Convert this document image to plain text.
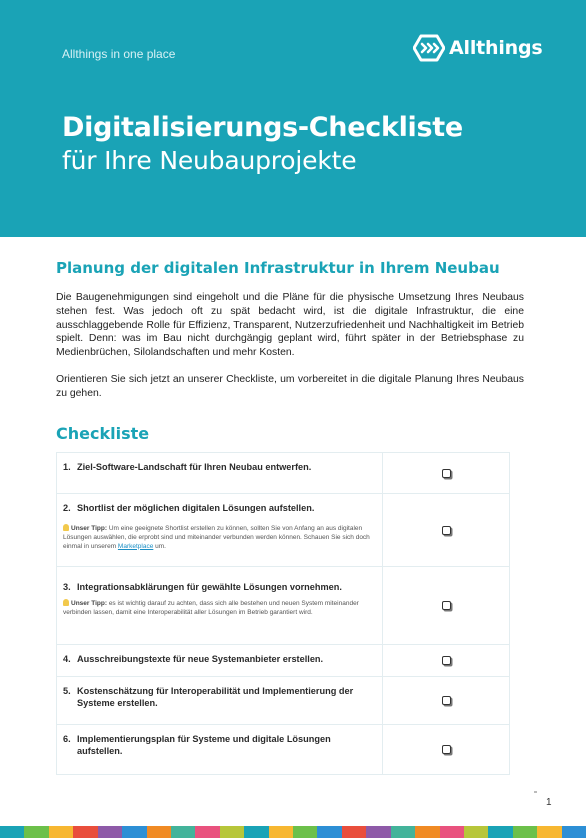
Allthings in one place	Allthings
Digitalisierungs-Checkliste
für Ihre Neubauprojekte
Planung der digitalen Infrastruktur in Ihrem Neubau
Die Baugenehmigungen sind eingeholt und die Pläne für die physische Umsetzung Ihres Neubaus stehen fest. Was jedoch oft zu spät bedacht wird, ist die digitale Infrastruktur, die eine ausschlaggebende Rolle für Effizienz, Transparent, Nutzerzufriedenheit und Nachhaltigkeit im Betrieb spielt. Denn: was im Bau nicht durchgängig geplant wird, führt später in der Betriebsphase zu Medienbrüchen, Silolandschaften und mehr Kosten.
Orientieren Sie sich jetzt an unserer Checkliste, um vorbereitet in die digitale Planung Ihres Neubaus zu gehen.
Checkliste
1. Ziel-Software-Landschaft für Ihren Neubau entwerfen.
2. Shortlist der möglichen digitalen Lösungen aufstellen.
Unser Tipp: Um eine geeignete Shortlist erstellen zu können, sollten Sie von Anfang an aus digitalen Lösungen auswählen, die erprobt sind und miteinander verbunden werden können. Schauen Sie sich doch einmal in unserem Marketplace um.
3. Integrationsabklärungen für gewählte Lösungen vornehmen.
Unser Tipp: es ist wichtig darauf zu achten, dass sich alle bestehen und neuen System miteinander verbinden lassen, damit eine Interoperabilität aller Lösungen im Betrieb garantiert wird.
4. Ausschreibungstexte für neue Systemanbieter erstellen.
5. Kostenschätzung für Interoperabilität und Implementierung der Systeme erstellen.
6. Implementierungsplan für Systeme und digitale Lösungen aufstellen.
1
